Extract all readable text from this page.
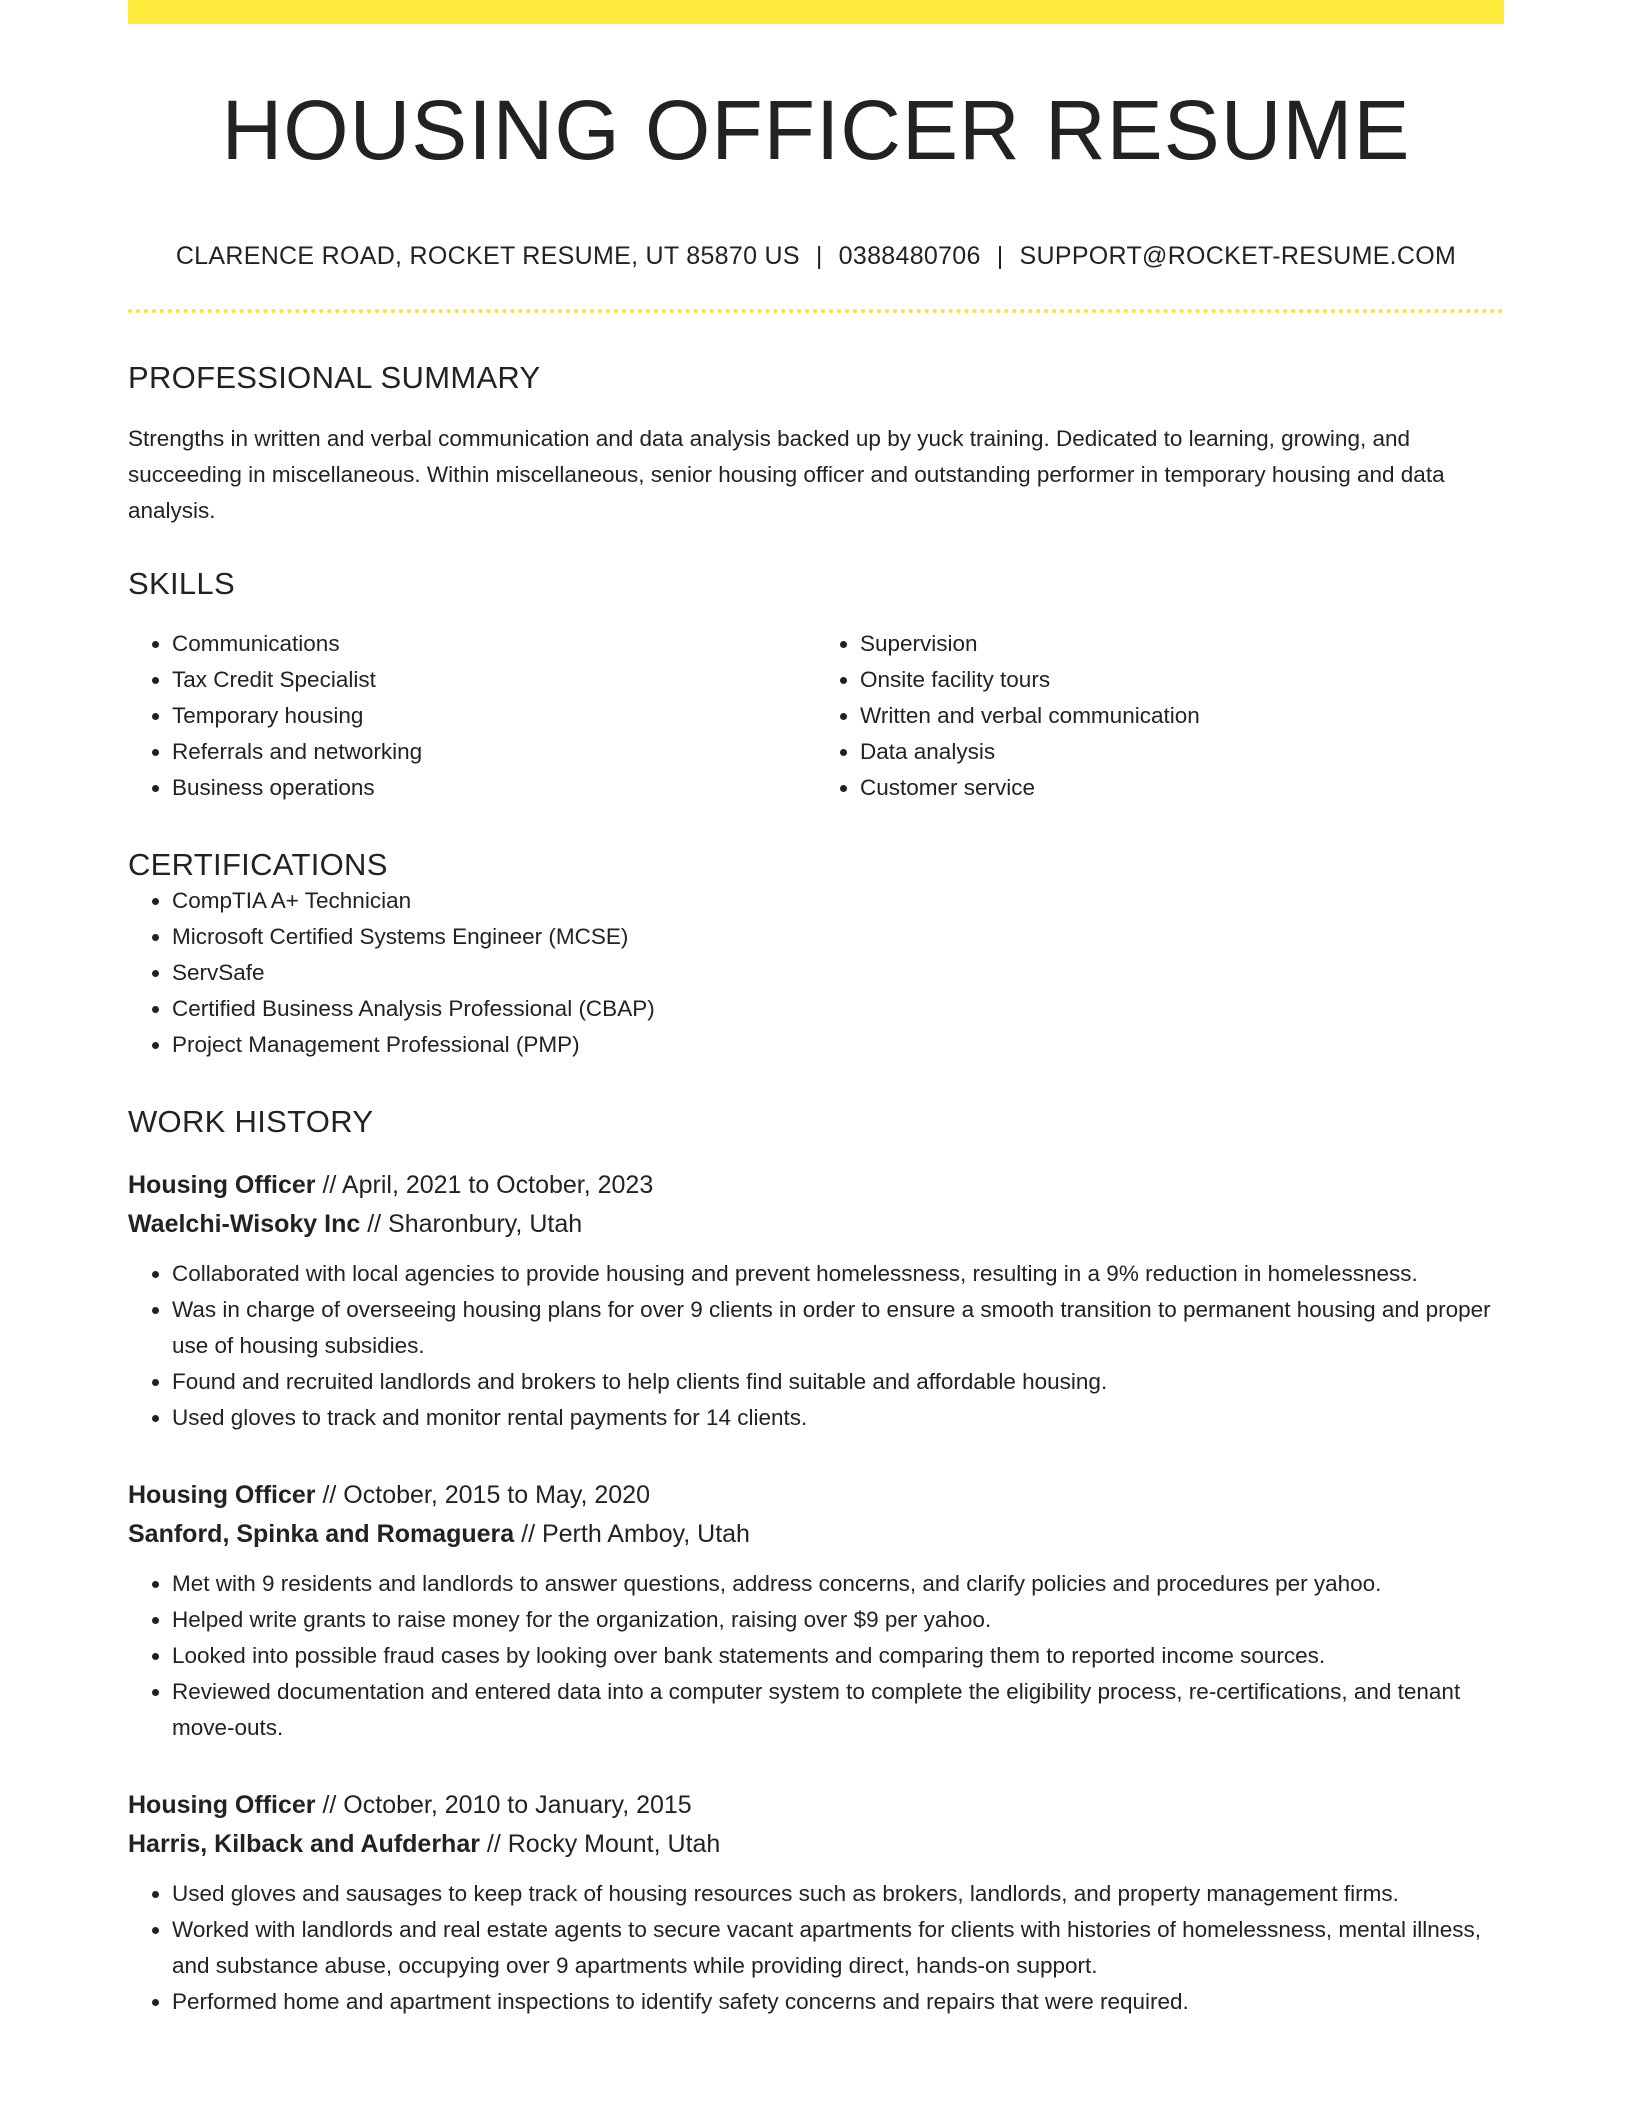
HOUSING OFFICER RESUME
CLARENCE ROAD, ROCKET RESUME, UT 85870 US | 0388480706 | SUPPORT@ROCKET-RESUME.COM
PROFESSIONAL SUMMARY

Strengths in written and verbal communication and data analysis backed up by yuck training. Dedicated to learning, growing, and succeeding in miscellaneous. Within miscellaneous, senior housing officer and outstanding performer in temporary housing and data analysis.

SKILLS
• Communications
• Tax Credit Specialist
• Temporary housing
• Referrals and networking
• Business operations
• Supervision
• Onsite facility tours
• Written and verbal communication
• Data analysis
• Customer service
CERTIFICATIONS
• CompTIA A+ Technician
• Microsoft Certified Systems Engineer (MCSE)
• ServSafe
• Certified Business Analysis Professional (CBAP)
• Project Management Professional (PMP)
WORK HISTORY
Housing Officer // April, 2021 to October, 2023
Waelchi-Wisoky Inc // Sharonbury, Utah
• Collaborated with local agencies to provide housing and prevent homelessness, resulting in a 9% reduction in homelessness.
• Was in charge of overseeing housing plans for over 9 clients in order to ensure a smooth transition to permanent housing and proper use of housing subsidies.
• Found and recruited landlords and brokers to help clients find suitable and affordable housing.
• Used gloves to track and monitor rental payments for 14 clients.
Housing Officer // October, 2015 to May, 2020
Sanford, Spinka and Romaguera // Perth Amboy, Utah
• Met with 9 residents and landlords to answer questions, address concerns, and clarify policies and procedures per yahoo.
• Helped write grants to raise money for the organization, raising over $9 per yahoo.
• Looked into possible fraud cases by looking over bank statements and comparing them to reported income sources.
• Reviewed documentation and entered data into a computer system to complete the eligibility process, re-certifications, and tenant move-outs.
Housing Officer // October, 2010 to January, 2015
Harris, Kilback and Aufderhar // Rocky Mount, Utah
• Used gloves and sausages to keep track of housing resources such as brokers, landlords, and property management firms.
• Worked with landlords and real estate agents to secure vacant apartments for clients with histories of homelessness, mental illness, and substance abuse, occupying over 9 apartments while providing direct, hands-on support.
• Performed home and apartment inspections to identify safety concerns and repairs that were required.
